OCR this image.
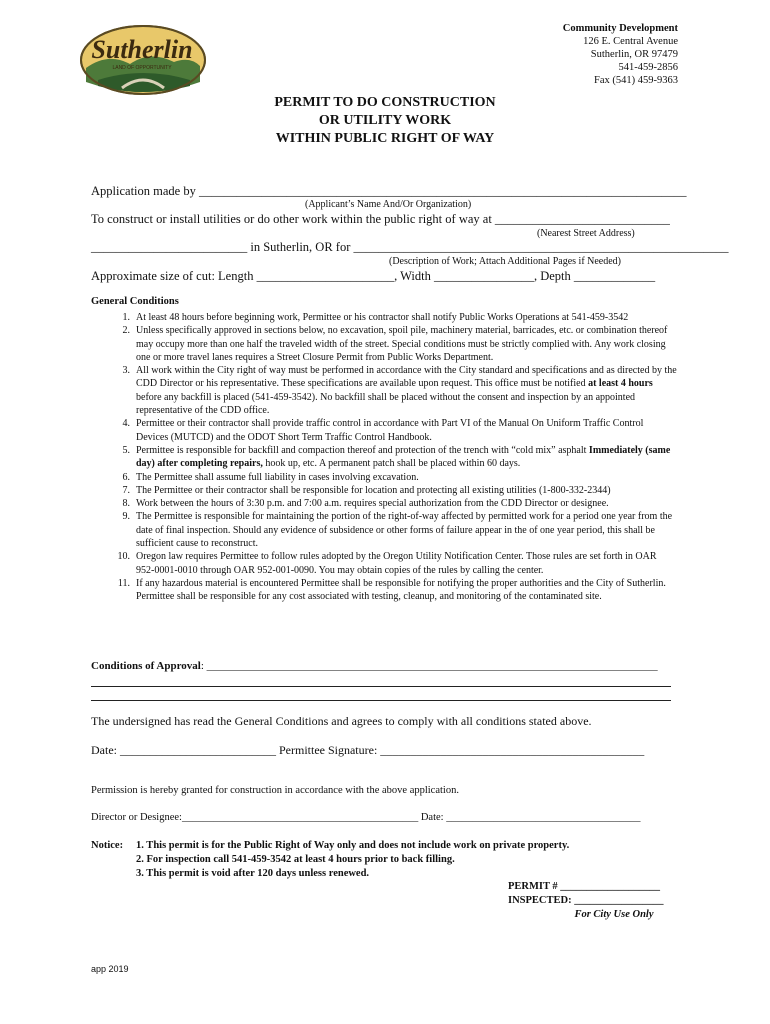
Sutherlin
LAND OF OPPORTUNITY
Community Development
126 E. Central Avenue
Sutherlin, OR 97479
541-459-2856
Fax (541) 459-9363
PERMIT TO DO CONSTRUCTION
OR UTILITY WORK
WITHIN PUBLIC RIGHT OF WAY
Application made by ______________________________________________________________________________
(Applicant’s Name And/Or Organization)
To construct or install utilities or do other work within the public right of way at ____________________________
(Nearest Street Address)
_________________________ in Sutherlin, OR for ____________________________________________________________
(Description of Work; Attach Additional Pages if Needed)
Approximate size of cut: Length ______________________, Width ________________, Depth _____________
General Conditions
1. At least 48 hours before beginning work, Permittee or his contractor shall notify Public Works Operations at 541-459-3542
2. Unless specifically approved in sections below, no excavation, spoil pile, machinery material, barricades, etc. or combination thereof may occupy more than one half the traveled width of the street. Special conditions must be strictly complied with. Any work closing one or more travel lanes requires a Street Closure Permit from Public Works Department.
3. All work within the City right of way must be performed in accordance with the City standard and specifications and as directed by the CDD Director or his representative. These specifications are available upon request. This office must be notified at least 4 hours before any backfill is placed (541-459-3542). No backfill shall be placed without the consent and inspection by an appointed representative of the CDD office.
4. Permittee or their contractor shall provide traffic control in accordance with Part VI of the Manual On Uniform Traffic Control Devices (MUTCD) and the ODOT Short Term Traffic Control Handbook.
5. Permittee is responsible for backfill and compaction thereof and protection of the trench with “cold mix” asphalt Immediately (same day) after completing repairs, hook up, etc. A permanent patch shall be placed within 60 days.
6. The Permittee shall assume full liability in cases involving excavation.
7. The Permittee or their contractor shall be responsible for location and protecting all existing utilities (1-800-332-2344)
8. Work between the hours of 3:30 p.m. and 7:00 a.m. requires special authorization from the CDD Director or designee.
9. The Permittee is responsible for maintaining the portion of the right-of-way affected by permitted work for a period one year from the date of final inspection. Should any evidence of subsidence or other forms of failure appear in the of one year period, this shall be sufficient cause to reconstruct.
10. Oregon law requires Permittee to follow rules adopted by the Oregon Utility Notification Center. Those rules are set forth in OAR 952-0001-0010 through OAR 952-001-0090. You may obtain copies of the rules by calling the center.
11. If any hazardous material is encountered Permittee shall be responsible for notifying the proper authorities and the City of Sutherlin. Permittee shall be responsible for any cost associated with testing, cleanup, and monitoring of the contaminated site.
Conditions of Approval: __________________________________________________________________________________
The undersigned has read the General Conditions and agrees to comply with all conditions stated above.
Date: __________________________ Permittee Signature: ____________________________________________
Permission is hereby granted for construction in accordance with the above application.
Director or Designee:_____________________________________________ Date: _____________________________________
Notice:	1. This permit is for the Public Right of Way only and does not include work on private property.
2. For inspection call 541-459-3542 at least 4 hours prior to back filling.
3. This permit is void after 120 days unless renewed.
PERMIT # ___________________
INSPECTED: _________________
For City Use Only
app 2019
